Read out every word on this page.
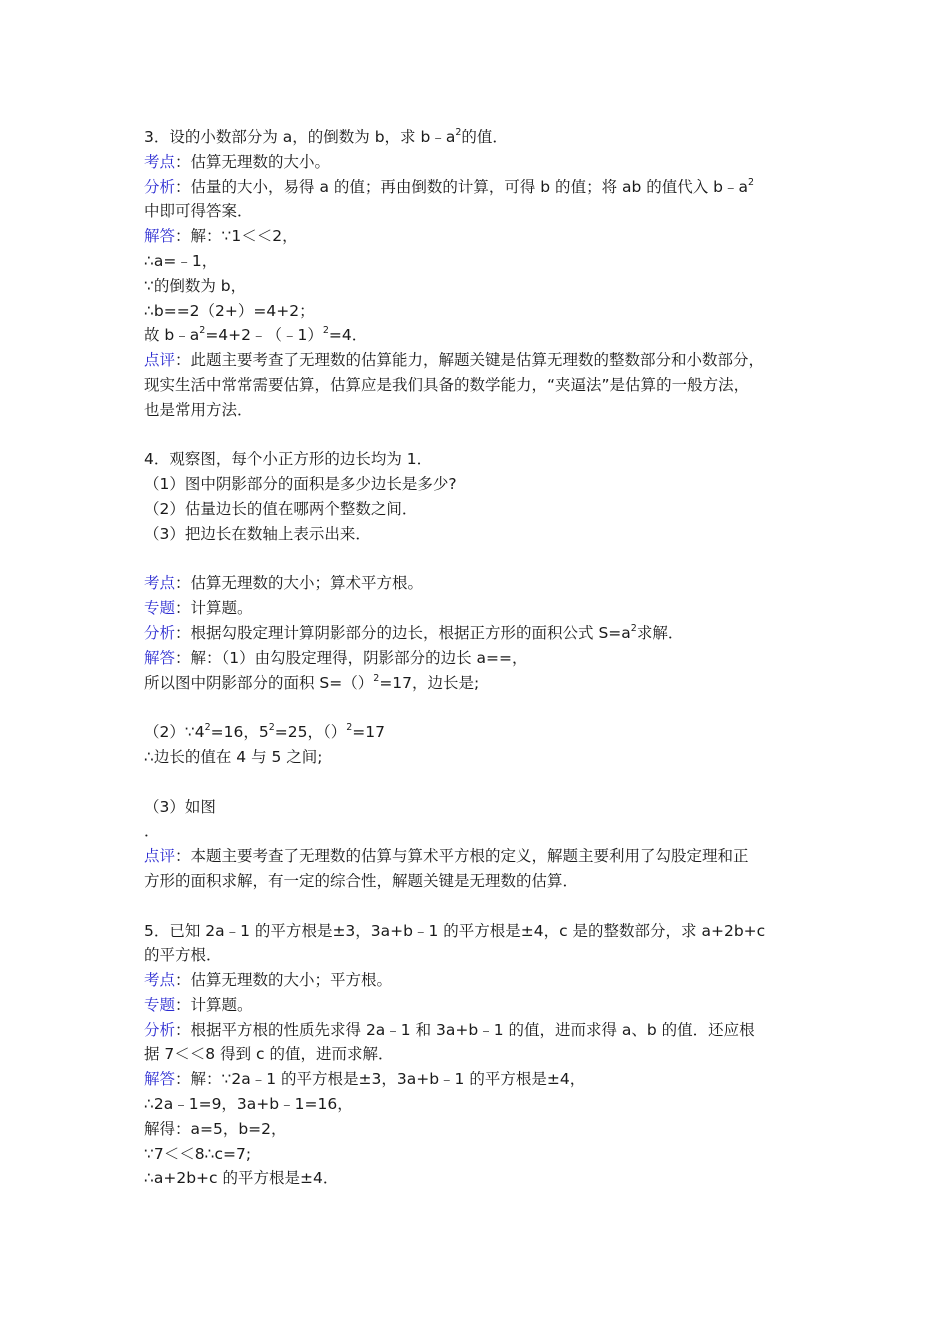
3．设的小数部分为 a，的倒数为 b，求 $b﹣a^2$的值．
考点：估算无理数的大小。
分析：估量的大小，易得 a 的值；再由倒数的计算，可得 b 的值；将 ab 的值代入 $b﹣a^2$
中即可得答案．
解答：解：∵1＜＜2，
∴a=﹣1，
∵的倒数为 b，
∴b==2（2+）=4+2；
故 $b﹣a^2=4+2﹣(﹣1)^2=4$．
点评：此题主要考查了无理数的估算能力，解题关键是估算无理数的整数部分和小数部分，
现实生活中常常需要估算，估算应是我们具备的数学能力，“夹逼法”是估算的一般方法，
也是常用方法．
4．观察图，每个小正方形的边长均为 1．
（1）图中阴影部分的面积是多少边长是多少?
（2）估量边长的值在哪两个整数之间．
（3）把边长在数轴上表示出来．
考点：估算无理数的大小；算术平方根。
专题：计算题。
分析：根据勾股定理计算阴影部分的边长，根据正方形的面积公式 $S=a^2$求解．
解答：解：（1）由勾股定理得，阴影部分的边长 a==，
所以图中阴影部分的面积 S=（）$^2$=17，边长是;
$(2)\because 4^2=16$，$5^2=25$，（）$^2$=17
∴边长的值在 4 与 5 之间;
（3）如图
．
点评：本题主要考查了无理数的估算与算术平方根的定义，解题主要利用了勾股定理和正
方形的面积求解，有一定的综合性，解题关键是无理数的估算．
5．已知 2a﹣1 的平方根是±3，3a+b﹣1 的平方根是±4，c 是的整数部分，求 a+2b+c
的平方根．
考点：估算无理数的大小；平方根。
专题：计算题。
分析：根据平方根的性质先求得 2a﹣1 和 3a+b﹣1 的值，进而求得 a、b 的值．还应根
据 7＜＜8 得到 c 的值，进而求解．
解答：解：∵2a﹣1 的平方根是±3，3a+b﹣1 的平方根是±4，
∴2a﹣1=9，3a+b﹣1=16，
解得：a=5，b=2，
∵7＜＜8∴c=7;
∴a+2b+c 的平方根是±4．
